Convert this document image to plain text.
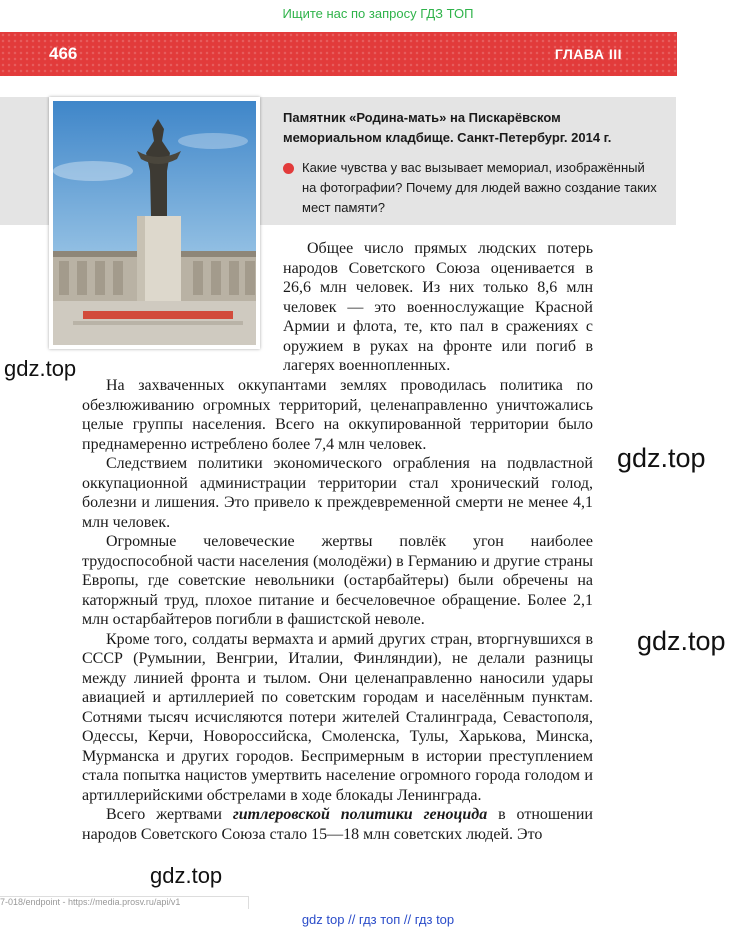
Ищите нас по запросу ГДЗ ТОП
466	ГЛАВА III
Памятник «Родина-мать» на Пискарёвском мемориальном кладбище. Санкт-Петербург. 2014 г.
Какие чувства у вас вызывает мемориал, изображённый на фотографии? Почему для людей важно создание таких мест памяти?

Общее число прямых людских потерь народов Советского Союза оценивается в 26,6 млн человек. Из них только 8,6 млн человек — это военнослужащие Красной Армии и флота, те, кто пал в сражениях с оружием в руках на фронте или погиб в лагерях военнопленных.

На захваченных оккупантами землях проводилась политика по обезлюживанию огромных территорий, целенаправленно уничтожались целые группы населения. Всего на оккупированной территории было преднамеренно истреблено более 7,4 млн человек.

Следствием политики экономического ограбления на подвластной оккупационной администрации территории стал хронический голод, болезни и лишения. Это привело к преждевременной смерти не менее 4,1 млн человек.

Огромные человеческие жертвы повлёк угон наиболее трудоспособной части населения (молодёжи) в Германию и другие страны Европы, где советские невольники (остарбайтеры) были обречены на каторжный труд, плохое питание и бесчеловечное обращение. Более 2,1 млн остарбайтеров погибли в фашистской неволе.

Кроме того, солдаты вермахта и армий других стран, вторгнувшихся в СССР (Румынии, Венгрии, Италии, Финляндии), не делали разницы между линией фронта и тылом. Они целенаправленно наносили удары авиацией и артиллерией по советским городам и населённым пунктам. Сотнями тысяч исчисляются потери жителей Сталинграда, Севастополя, Одессы, Керчи, Новороссийска, Смоленска, Тулы, Харькова, Минска, Мурманска и других городов. Беспримерным в истории преступлением стала попытка нацистов умертвить население огромного города голодом и артиллерийскими обстрелами в ходе блокады Ленинграда.

Всего жертвами гитлеровской политики геноцида в отношении народов Советского Союза стало 15—18 млн советских людей. Это

gdz.top
gdz.top
gdz.top
gdz.top
7-018/endpoint - https://media.prosv.ru/api/v1
gdz top // гдз топ // гдз top
